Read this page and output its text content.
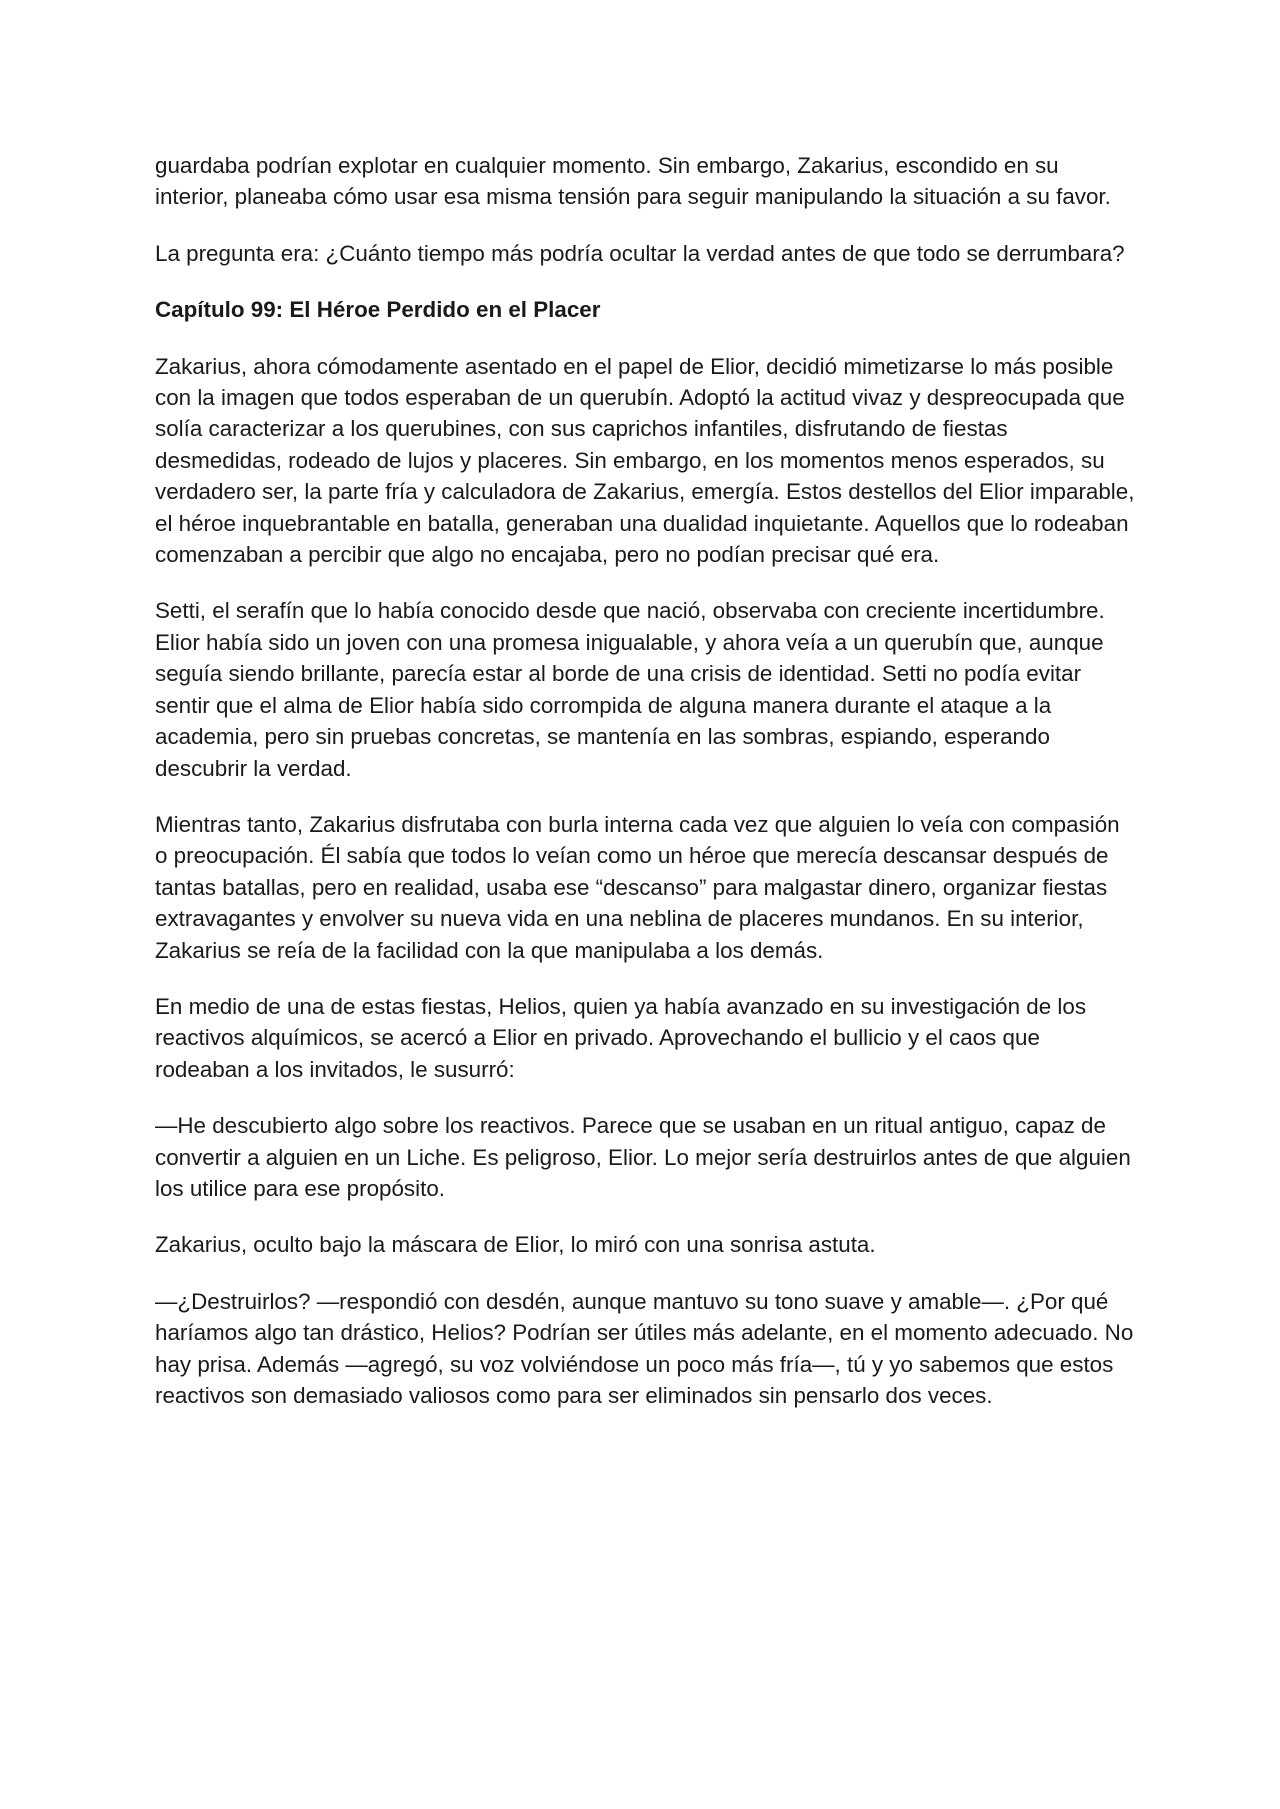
guardaba podrían explotar en cualquier momento. Sin embargo, Zakarius, escondido en su interior, planeaba cómo usar esa misma tensión para seguir manipulando la situación a su favor.

La pregunta era: ¿Cuánto tiempo más podría ocultar la verdad antes de que todo se derrumbara?

Capítulo 99: El Héroe Perdido en el Placer

Zakarius, ahora cómodamente asentado en el papel de Elior, decidió mimetizarse lo más posible con la imagen que todos esperaban de un querubín. Adoptó la actitud vivaz y despreocupada que solía caracterizar a los querubines, con sus caprichos infantiles, disfrutando de fiestas desmedidas, rodeado de lujos y placeres. Sin embargo, en los momentos menos esperados, su verdadero ser, la parte fría y calculadora de Zakarius, emergía. Estos destellos del Elior imparable, el héroe inquebrantable en batalla, generaban una dualidad inquietante. Aquellos que lo rodeaban comenzaban a percibir que algo no encajaba, pero no podían precisar qué era.

Setti, el serafín que lo había conocido desde que nació, observaba con creciente incertidumbre. Elior había sido un joven con una promesa inigualable, y ahora veía a un querubín que, aunque seguía siendo brillante, parecía estar al borde de una crisis de identidad. Setti no podía evitar sentir que el alma de Elior había sido corrompida de alguna manera durante el ataque a la academia, pero sin pruebas concretas, se mantenía en las sombras, espiando, esperando descubrir la verdad.

Mientras tanto, Zakarius disfrutaba con burla interna cada vez que alguien lo veía con compasión o preocupación. Él sabía que todos lo veían como un héroe que merecía descansar después de tantas batallas, pero en realidad, usaba ese “descanso” para malgastar dinero, organizar fiestas extravagantes y envolver su nueva vida en una neblina de placeres mundanos. En su interior, Zakarius se reía de la facilidad con la que manipulaba a los demás.

En medio de una de estas fiestas, Helios, quien ya había avanzado en su investigación de los reactivos alquímicos, se acercó a Elior en privado. Aprovechando el bullicio y el caos que rodeaban a los invitados, le susurró:

—He descubierto algo sobre los reactivos. Parece que se usaban en un ritual antiguo, capaz de convertir a alguien en un Liche. Es peligroso, Elior. Lo mejor sería destruirlos antes de que alguien los utilice para ese propósito.

Zakarius, oculto bajo la máscara de Elior, lo miró con una sonrisa astuta.

—¿Destruirlos? —respondió con desdén, aunque mantuvo su tono suave y amable—. ¿Por qué haríamos algo tan drástico, Helios? Podrían ser útiles más adelante, en el momento adecuado. No hay prisa. Además —agregó, su voz volviéndose un poco más fría—, tú y yo sabemos que estos reactivos son demasiado valiosos como para ser eliminados sin pensarlo dos veces.
